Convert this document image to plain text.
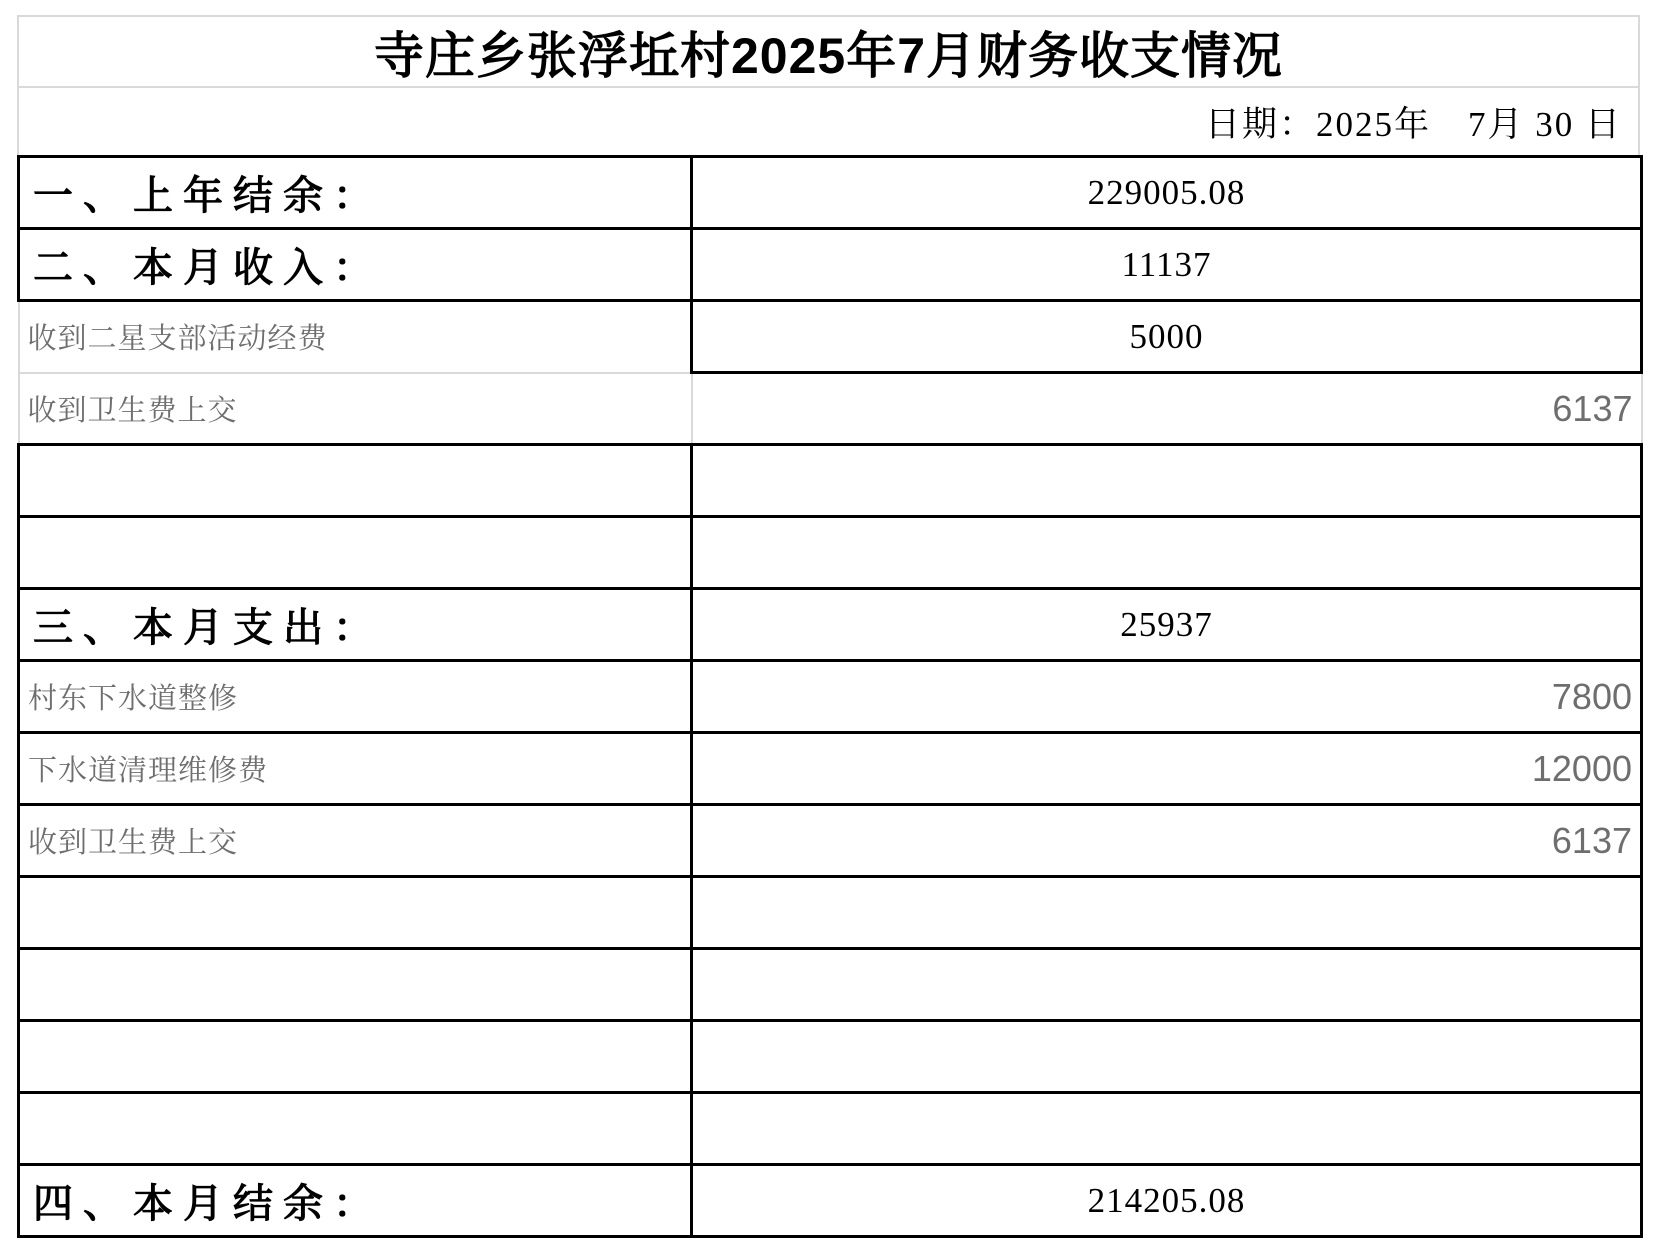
寺庄乡张浮坵村2025年7月财务收支情况
日期：2025年　7月 30 日
一、上年结余：	229005.08
二、本月收入：	11137
收到二星支部活动经费	5000
收到卫生费上交	6137

三、本月支出：	25937
村东下水道整修	7800
下水道清理维修费	12000
收到卫生费上交	6137

四、本月结余：	214205.08
